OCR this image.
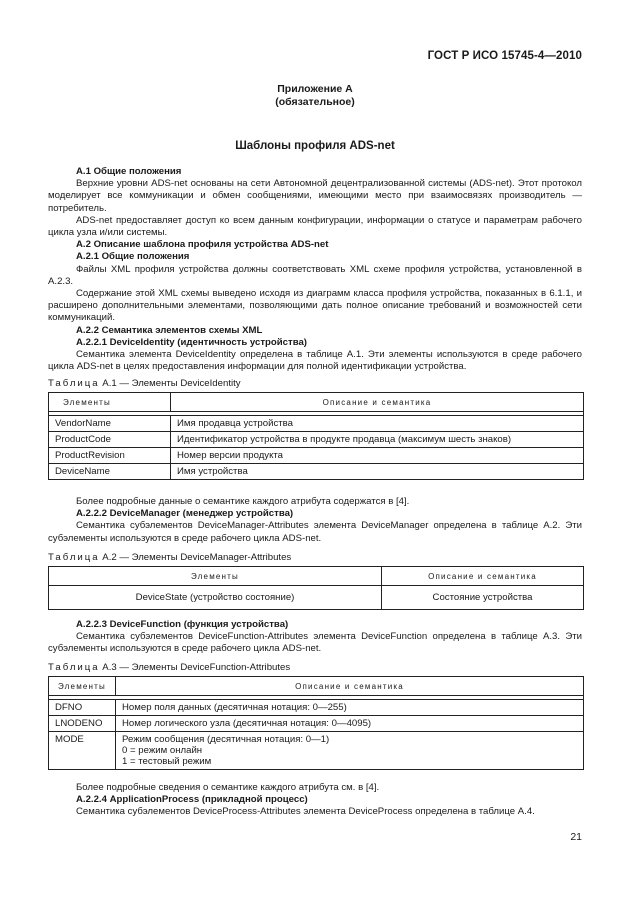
ГОСТ Р ИСО 15745-4—2010
Приложение А
(обязательное)
Шаблоны профиля ADS-net

А.1 Общие положения

Верхние уровни ADS-net основаны на сети Автономной децентрализованной системы (ADS-net). Этот протокол моделирует все коммуникации и обмен сообщениями, имеющими место при взаимосвязях производитель — потребитель.

ADS-net предоставляет доступ ко всем данным конфигурации, информации о статусе и параметрам рабочего цикла узла и/или системы.

А.2 Описание шаблона профиля устройства ADS-net

А.2.1 Общие положения

Файлы XML профиля устройства должны соответствовать XML схеме профиля устройства, установленной в А.2.3.

Содержание этой XML схемы выведено исходя из диаграмм класса профиля устройства, показанных в 6.1.1, и расширено дополнительными элементами, позволяющими дать полное описание требований и возможностей сети коммуникаций.

А.2.2 Семантика элементов схемы XML

А.2.2.1 DeviceIdentity (идентичность устройства)

Семантика элемента DeviceIdentity определена в таблице А.1. Эти элементы используются в среде рабочего цикла ADS-net в целях предоставления информации для полной идентификации устройства.

Таблица А.1 — Элементы DeviceIdentity
Элементы	Описание и семантика

VendorName	Имя продавца устройства
ProductCode	Идентификатор устройства в продукте продавца (максимум шесть знаков)
ProductRevision	Номер версии продукта
DeviceName	Имя устройства

Более подробные данные о семантике каждого атрибута содержатся в [4].

А.2.2.2 DeviceManager (менеджер устройства)

Семантика субэлементов DeviceManager-Attributes элемента DeviceManager определена в таблице А.2. Эти субэлементы используются в среде рабочего цикла ADS-net.

Таблица А.2 — Элементы DeviceManager-Attributes
Элементы	Описание и семантика
DeviceState (устройство состояние)	Состояние устройства

А.2.2.3 DeviceFunction (функция устройства)

Семантика субэлементов DeviceFunction-Attributes элемента DeviceFunction определена в таблице А.3. Эти субэлементы используются в среде рабочего цикла ADS-net.

Таблица А.3 — Элементы DeviceFunction-Attributes
Элементы	Описание и семантика

DFNO	Номер поля данных (десятичная нотация: 0—255)
LNODENO	Номер логического узла (десятичная нотация: 0—4095)
MODE	Режим сообщения (десятичная нотация: 0—1)
0 = режим онлайн
1 = тестовый режим

Более подробные сведения о семантике каждого атрибута см. в [4].

А.2.2.4 ApplicationProcess (прикладной процесс)

Семантика субэлементов DeviceProcess-Attributes элемента DeviceProcess определена в таблице А.4.

21
